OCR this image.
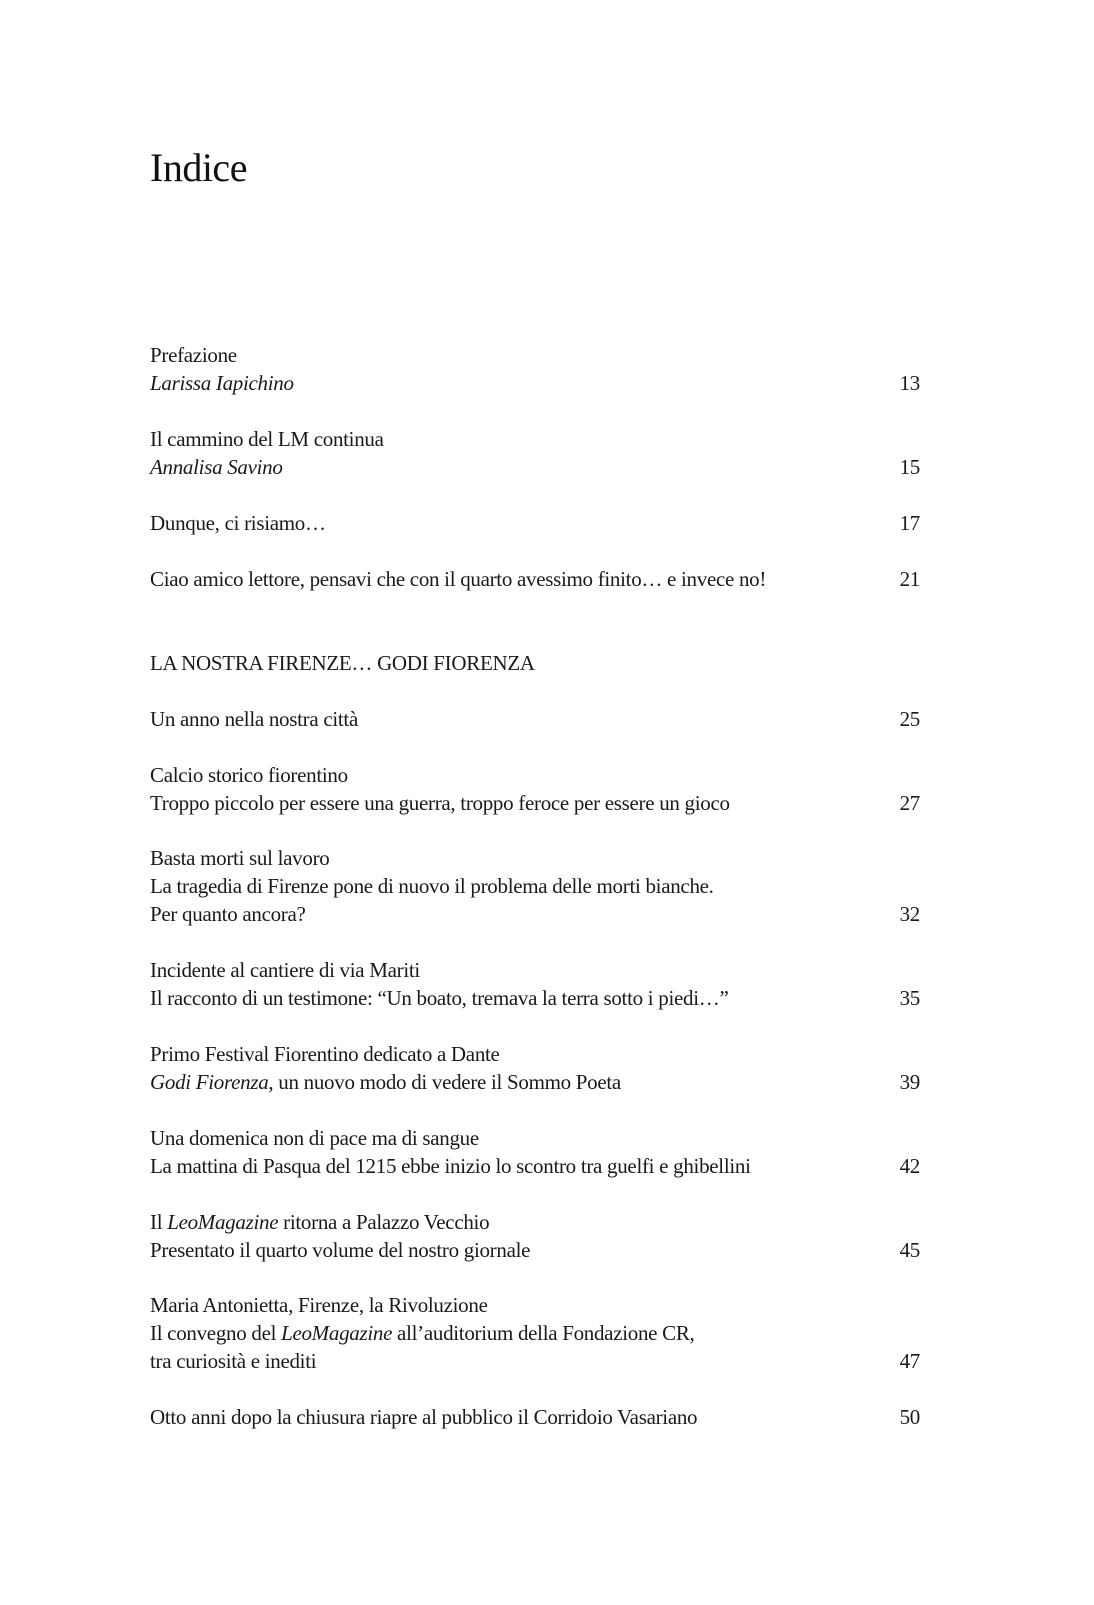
Indice
Prefazione
Larissa Iapichino	13
Il cammino del LM continua
Annalisa Savino	15
Dunque, ci risiamo…	17
Ciao amico lettore, pensavi che con il quarto avessimo finito… e invece no!	21
LA NOSTRA FIRENZE… GODI FIORENZA
Un anno nella nostra città	25
Calcio storico fiorentino
Troppo piccolo per essere una guerra, troppo feroce per essere un gioco	27
Basta morti sul lavoro
La tragedia di Firenze pone di nuovo il problema delle morti bianche.
Per quanto ancora?	32
Incidente al cantiere di via Mariti
Il racconto di un testimone: “Un boato, tremava la terra sotto i piedi…”	35
Primo Festival Fiorentino dedicato a Dante
Godi Fiorenza, un nuovo modo di vedere il Sommo Poeta	39
Una domenica non di pace ma di sangue
La mattina di Pasqua del 1215 ebbe inizio lo scontro tra guelfi e ghibellini	42
Il LeoMagazine ritorna a Palazzo Vecchio
Presentato il quarto volume del nostro giornale	45
Maria Antonietta, Firenze, la Rivoluzione
Il convegno del LeoMagazine all’auditorium della Fondazione CR,
tra curiosità e inediti	47
Otto anni dopo la chiusura riapre al pubblico il Corridoio Vasariano	50
